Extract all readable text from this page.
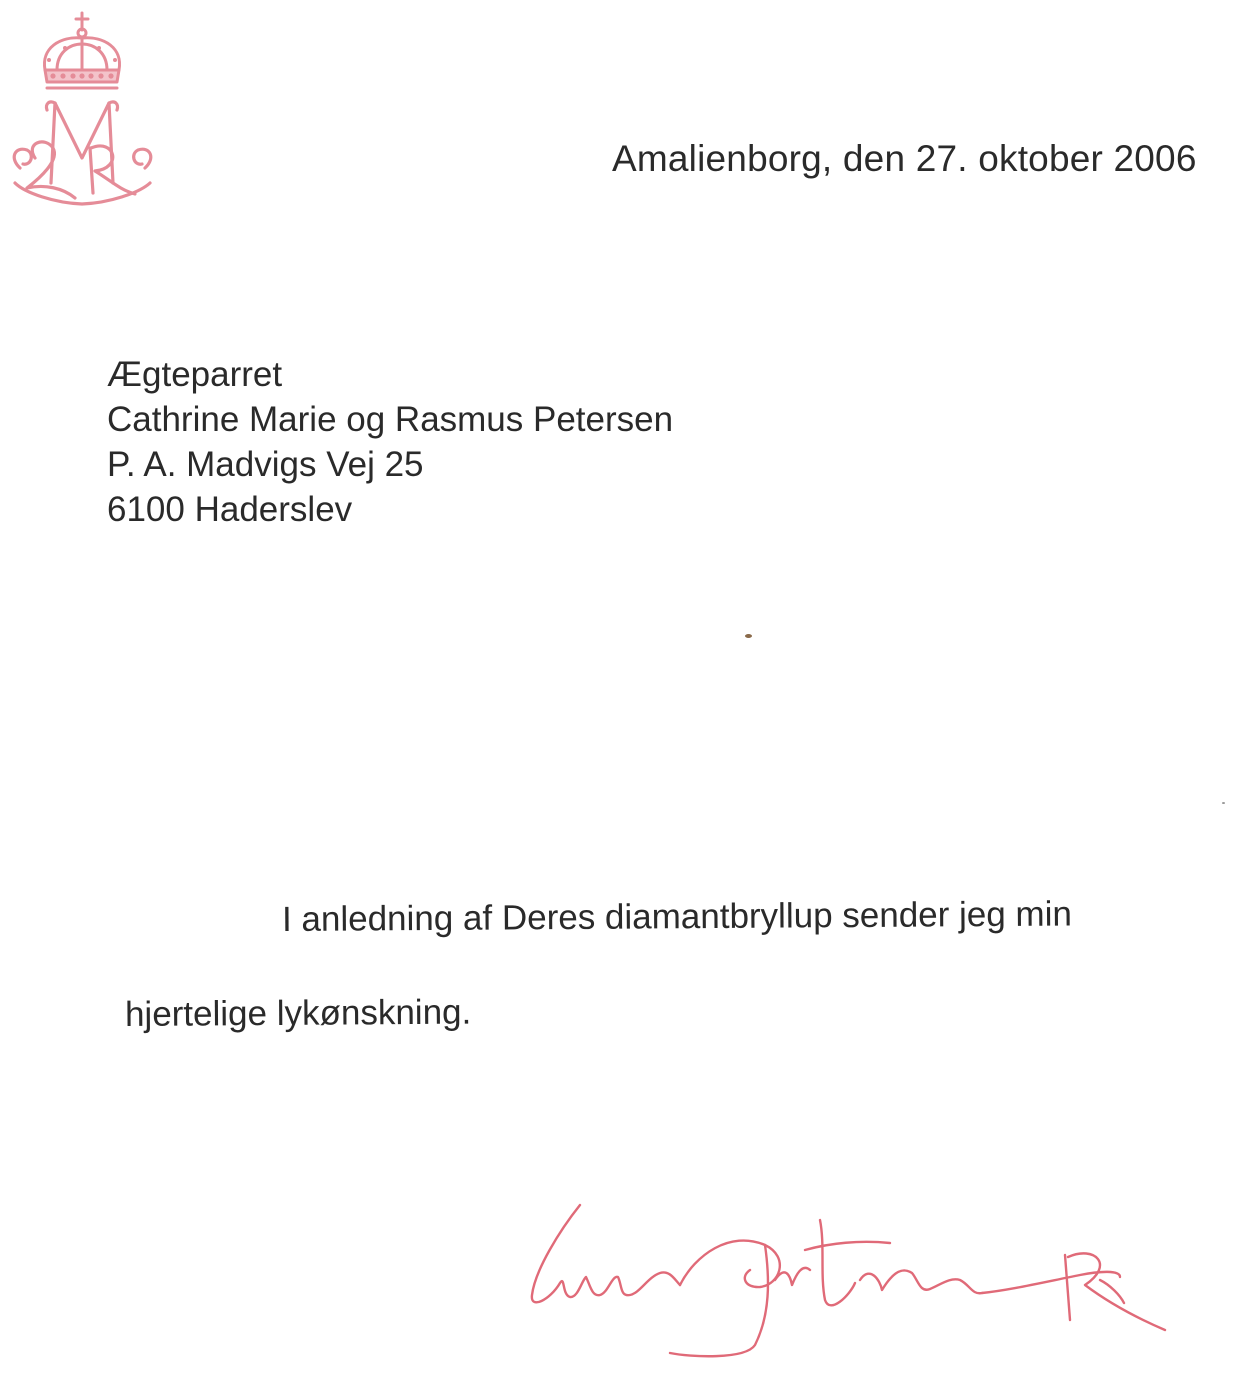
Amalienborg, den 27. oktober 2006
Ægteparret
Cathrine Marie og Rasmus Petersen
P. A. Madvigs Vej 25
6100 Haderslev
I anledning af Deres diamantbryllup sender jeg min
hjertelige lykønskning.
